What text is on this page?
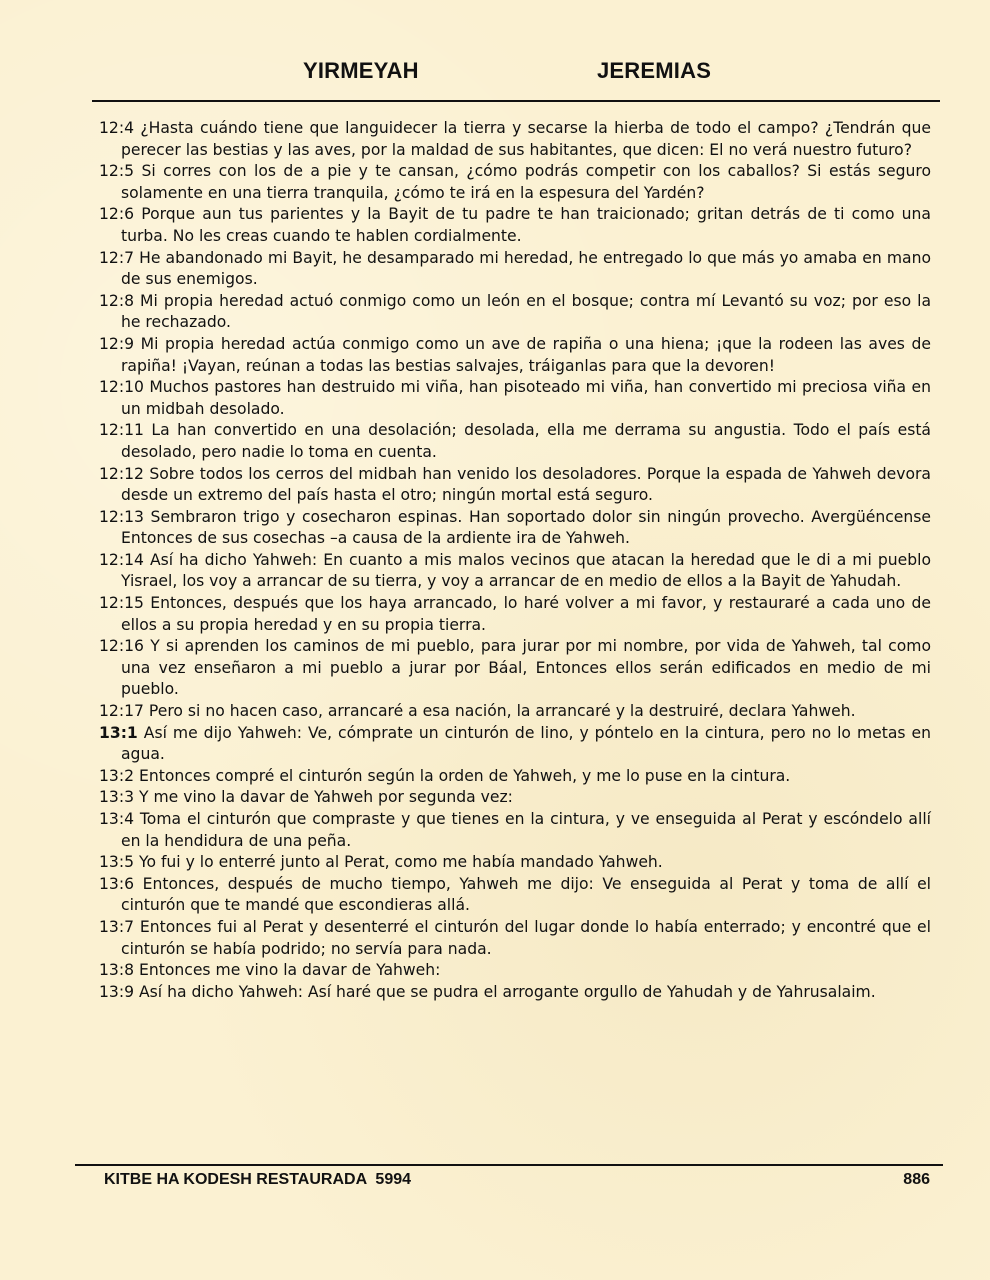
YIRMEYAH	JEREMIAS

12:4 ¿Hasta cuándo tiene que languidecer la tierra y secarse la hierba de todo el campo? ¿Tendrán que perecer las bestias y las aves, por la maldad de sus habitantes, que dicen: El no verá nuestro futuro?

12:5 Si corres con los de a pie y te cansan, ¿cómo podrás competir con los caballos? Si estás seguro solamente en una tierra tranquila, ¿cómo te irá en la espesura del Yardén?

12:6 Porque aun tus parientes y la Bayit de tu padre te han traicionado; gritan detrás de ti como una turba. No les creas cuando te hablen cordialmente.

12:7 He abandonado mi Bayit, he desamparado mi heredad, he entregado lo que más yo amaba en mano de sus enemigos.

12:8 Mi propia heredad actuó conmigo como un león en el bosque; contra mí Levantó su voz; por eso la he rechazado.

12:9 Mi propia heredad actúa conmigo como un ave de rapiña o una hiena; ¡que la rodeen las aves de rapiña! ¡Vayan, reúnan a todas las bestias salvajes, tráiganlas para que la devoren!

12:10 Muchos pastores han destruido mi viña, han pisoteado mi viña, han convertido mi preciosa viña en un midbah desolado.

12:11 La han convertido en una desolación; desolada, ella me derrama su angustia. Todo el país está desolado, pero nadie lo toma en cuenta.

12:12 Sobre todos los cerros del midbah han venido los desoladores. Porque la espada de Yahweh devora desde un extremo del país hasta el otro; ningún mortal está seguro.

12:13 Sembraron trigo y cosecharon espinas. Han soportado dolor sin ningún provecho. Avergüéncense Entonces de sus cosechas –a causa de la ardiente ira de Yahweh.

12:14 Así ha dicho Yahweh: En cuanto a mis malos vecinos que atacan la heredad que le di a mi pueblo Yisrael, los voy a arrancar de su tierra, y voy a arrancar de en medio de ellos a la Bayit de Yahudah.

12:15 Entonces, después que los haya arrancado, lo haré volver a mi favor, y restauraré a cada uno de ellos a su propia heredad y en su propia tierra.

12:16 Y si aprenden los caminos de mi pueblo, para jurar por mi nombre, por vida de Yahweh, tal como una vez enseñaron a mi pueblo a jurar por Báal, Entonces ellos serán edificados en medio de mi pueblo.

12:17 Pero si no hacen caso, arrancaré a esa nación, la arrancaré y la destruiré, declara Yahweh.

13:1 Así me dijo Yahweh: Ve, cómprate un cinturón de lino, y póntelo en la cintura, pero no lo metas en agua.

13:2 Entonces compré el cinturón según la orden de Yahweh, y me lo puse en la cintura.

13:3 Y me vino la davar de Yahweh por segunda vez:

13:4 Toma el cinturón que compraste y que tienes en la cintura, y ve enseguida al Perat y escóndelo allí en la hendidura de una peña.

13:5 Yo fui y lo enterré junto al Perat, como me había mandado Yahweh.

13:6 Entonces, después de mucho tiempo, Yahweh me dijo: Ve enseguida al Perat y toma de allí el cinturón que te mandé que escondieras allá.

13:7 Entonces fui al Perat y desenterré el cinturón del lugar donde lo había enterrado; y encontré que el cinturón se había podrido; no servía para nada.

13:8 Entonces me vino la davar de Yahweh:

13:9 Así ha dicho Yahweh: Así haré que se pudra el arrogante orgullo de Yahudah y de Yahrusalaim.

KITBE HA KODESH RESTAURADA  5994	886
